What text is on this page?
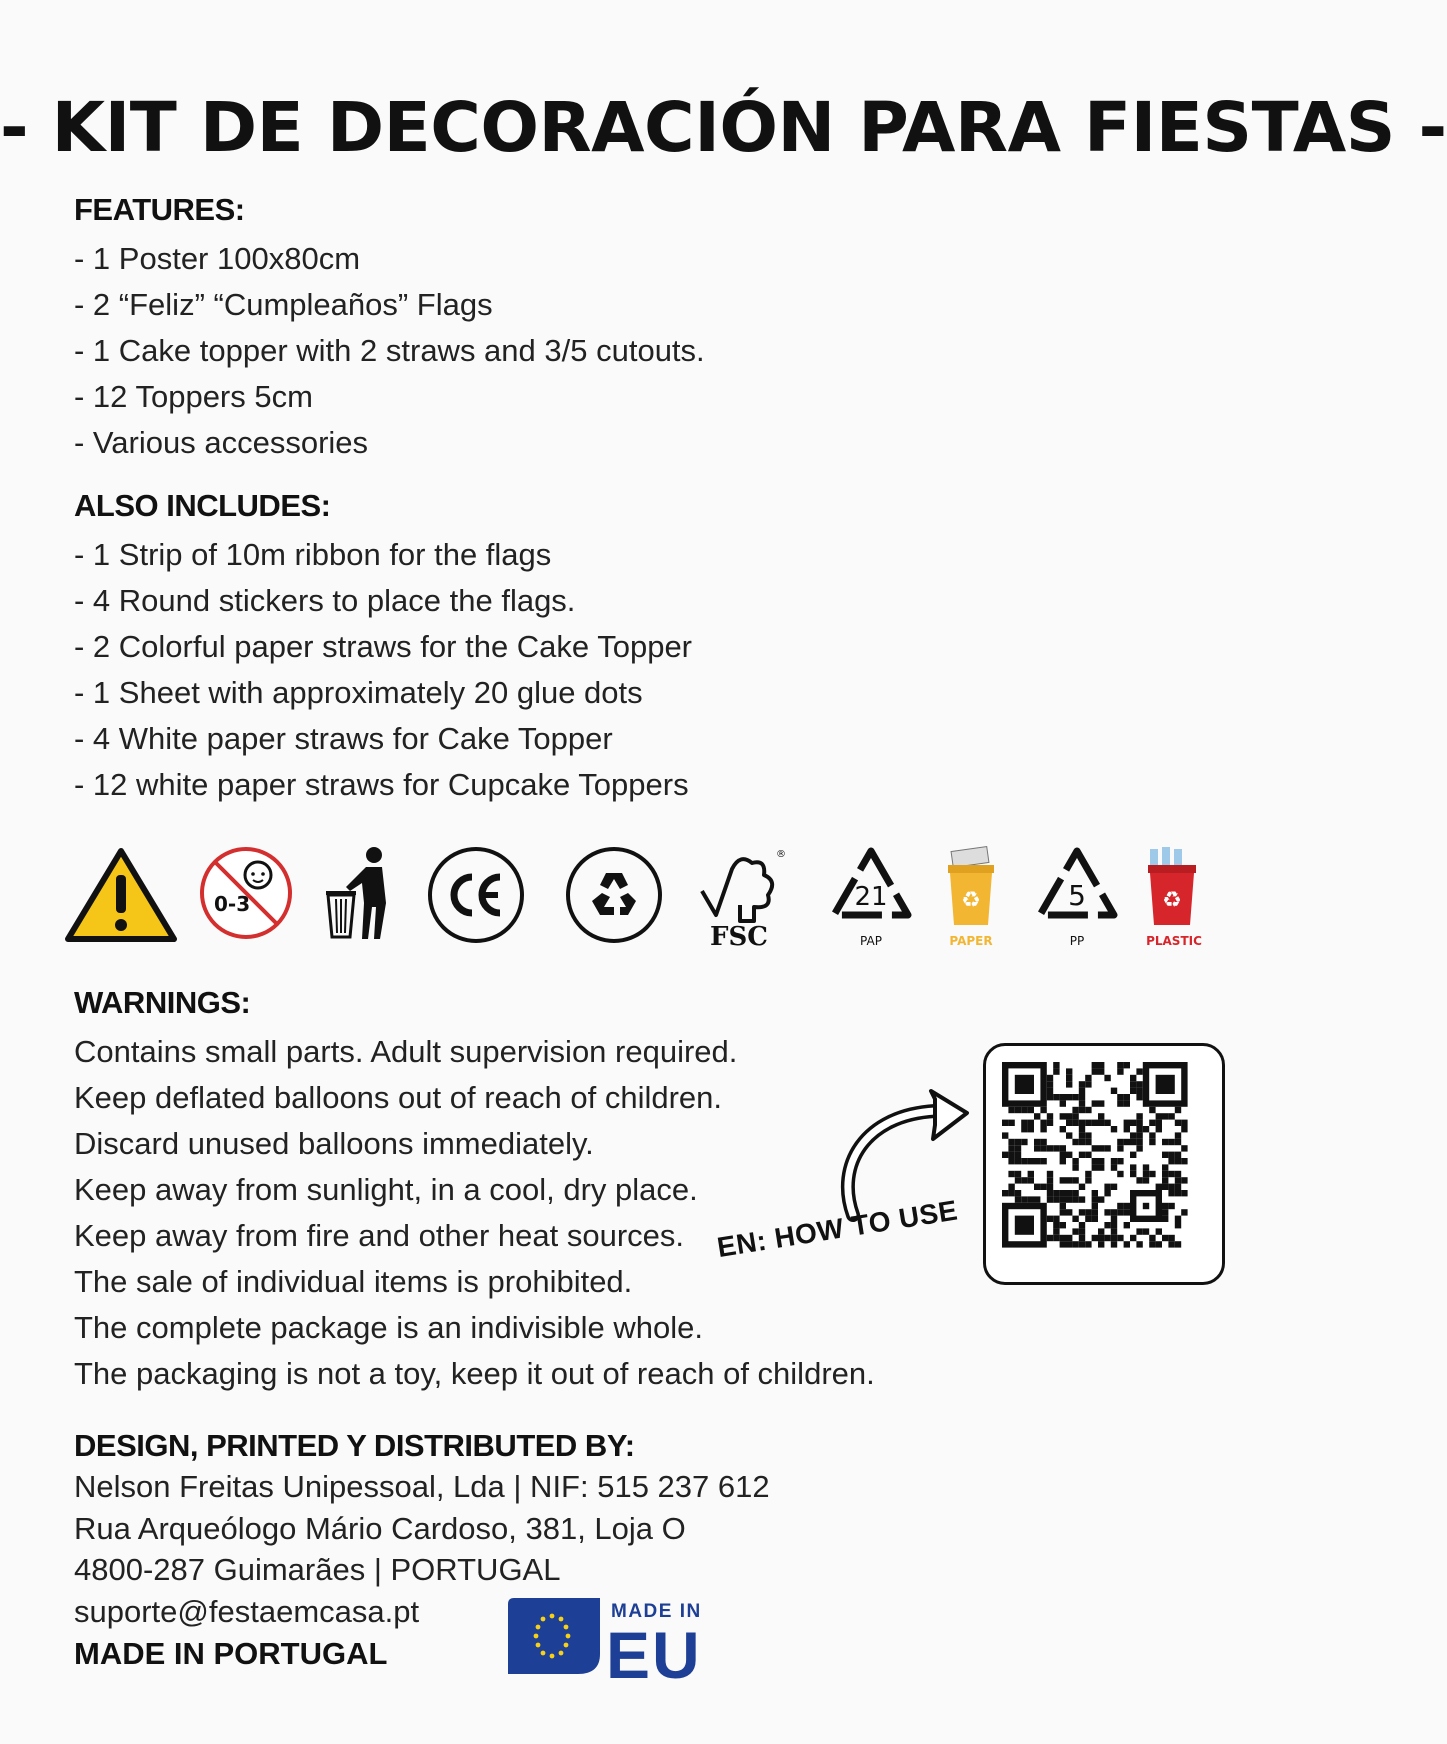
- KIT DE DECORACIÓN PARA FIESTAS -
FEATURES:
- 1 Poster 100x80cm
- 2 “Feliz” “Cumpleaños” Flags
- 1 Cake topper with 2 straws and 3/5 cutouts.
- 12 Toppers 5cm
- Various accessories
ALSO INCLUDES:
- 1 Strip of 10m ribbon for the flags
- 4 Round stickers to place the flags.
- 2 Colorful paper straws for the Cake Topper
- 1 Sheet with approximately 20 glue dots
- 4 White paper straws for Cake Topper
- 12 white paper straws for Cupcake Toppers
0-3
®
FSC
21
PAP
♻
PAPER
5
PP
♻
PLASTIC
WARNINGS:
Contains small parts. Adult supervision required.
Keep deflated balloons out of reach of children.
Discard unused balloons immediately.
Keep away from sunlight, in a cool, dry place.
Keep away from fire and other heat sources.
The sale of individual items is prohibited.
The complete package is an indivisible whole.
The packaging is not a toy, keep it out of reach of children.
EN: HOW TO USE
DESIGN, PRINTED Y DISTRIBUTED BY:
Nelson Freitas Unipessoal, Lda | NIF: 515 237 612
Rua Arqueólogo Mário Cardoso, 381, Loja O
4800-287 Guimarães | PORTUGAL
suporte@festaemcasa.pt
MADE IN PORTUGAL
MADE IN
EU
